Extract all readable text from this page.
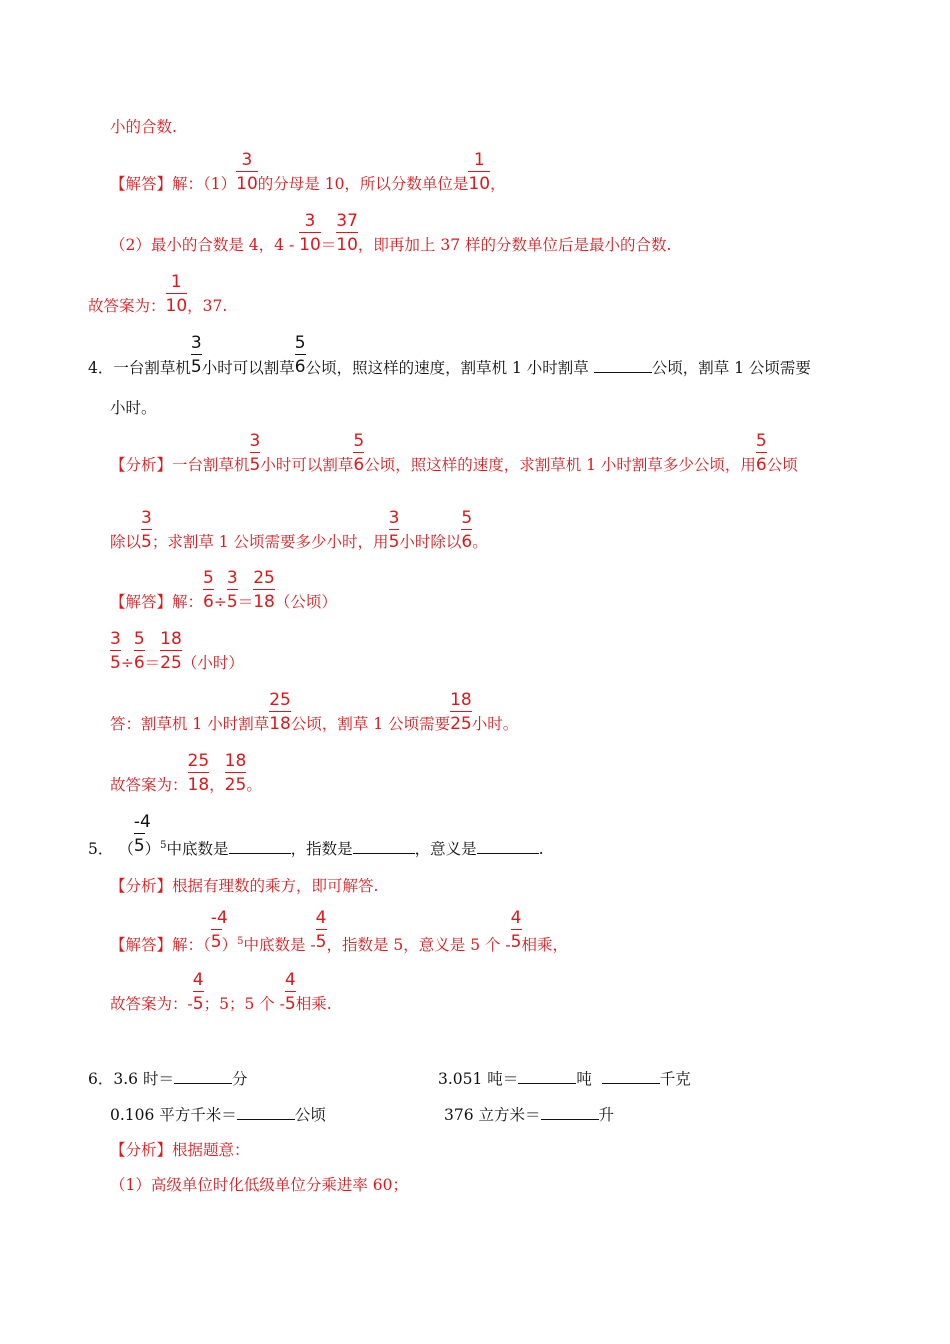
小的合数.
【解答】解：$(1) \frac{3}{10}$ 的分母是 10，所以分数单位是 $\frac{1}{10}$ ，
（2）最小的合数是 4，$4 - \frac{3}{10} = \frac{37}{10}$ ，即再加上 37 样的分数单位后是最小的合数.
故答案为： $\frac{1}{10}$ ，37.
4．一台割草机 $\frac{3}{5}$ 小时可以割草 $\frac{5}{6}$ 公顷，照这样的速度，割草机 1 小时割草	公顷，割草 1 公顷需要
小时。
【分析】一台割草机 $\frac{3}{5}$ 小时可以割草 $\frac{5}{6}$ 公顷，照这样的速度，求割草机 1 小时割草多少公顷，用 $\frac{5}{6}$ 公顷
除以 $\frac{3}{5}$ ；求割草 1 公顷需要多少小时，用 $\frac{3}{5}$ 小时除以 $\frac{5}{6}$ 。
【解答】解： $\frac{5}{6} \div \frac{3}{5} = \frac{25}{18}$ （公顷）
$\frac{3}{5} \div \frac{5}{6} = \frac{18}{25}$ （小时）
答：割草机 1 小时割草 $\frac{25}{18}$ 公顷，割草 1 公顷需要 $\frac{18}{25}$ 小时。
故答案为： $\frac{25}{18}$ ， $\frac{18}{25}$ 。
5． （ $\frac{-4}{5} )^5$中底数是	，指数是	，意义是	.
【分析】根据有理数的乘方，即可解答.
【解答】解：（ $\frac{-4}{5} )^5$中底数是 - $\frac{4}{5}$ ，指数是 5，意义是 5 个 - $\frac{4}{5}$ 相乘，
故答案为：- $\frac{4}{5}$ ；5；5 个 - $\frac{4}{5}$ 相乘.
6．3.6 时＝	分	3.051 吨＝	吨	千克
0.106 平方千米＝	公顷	376 立方米＝	升
【分析】根据题意：
（1）高级单位时化低级单位分乘进率 60；
